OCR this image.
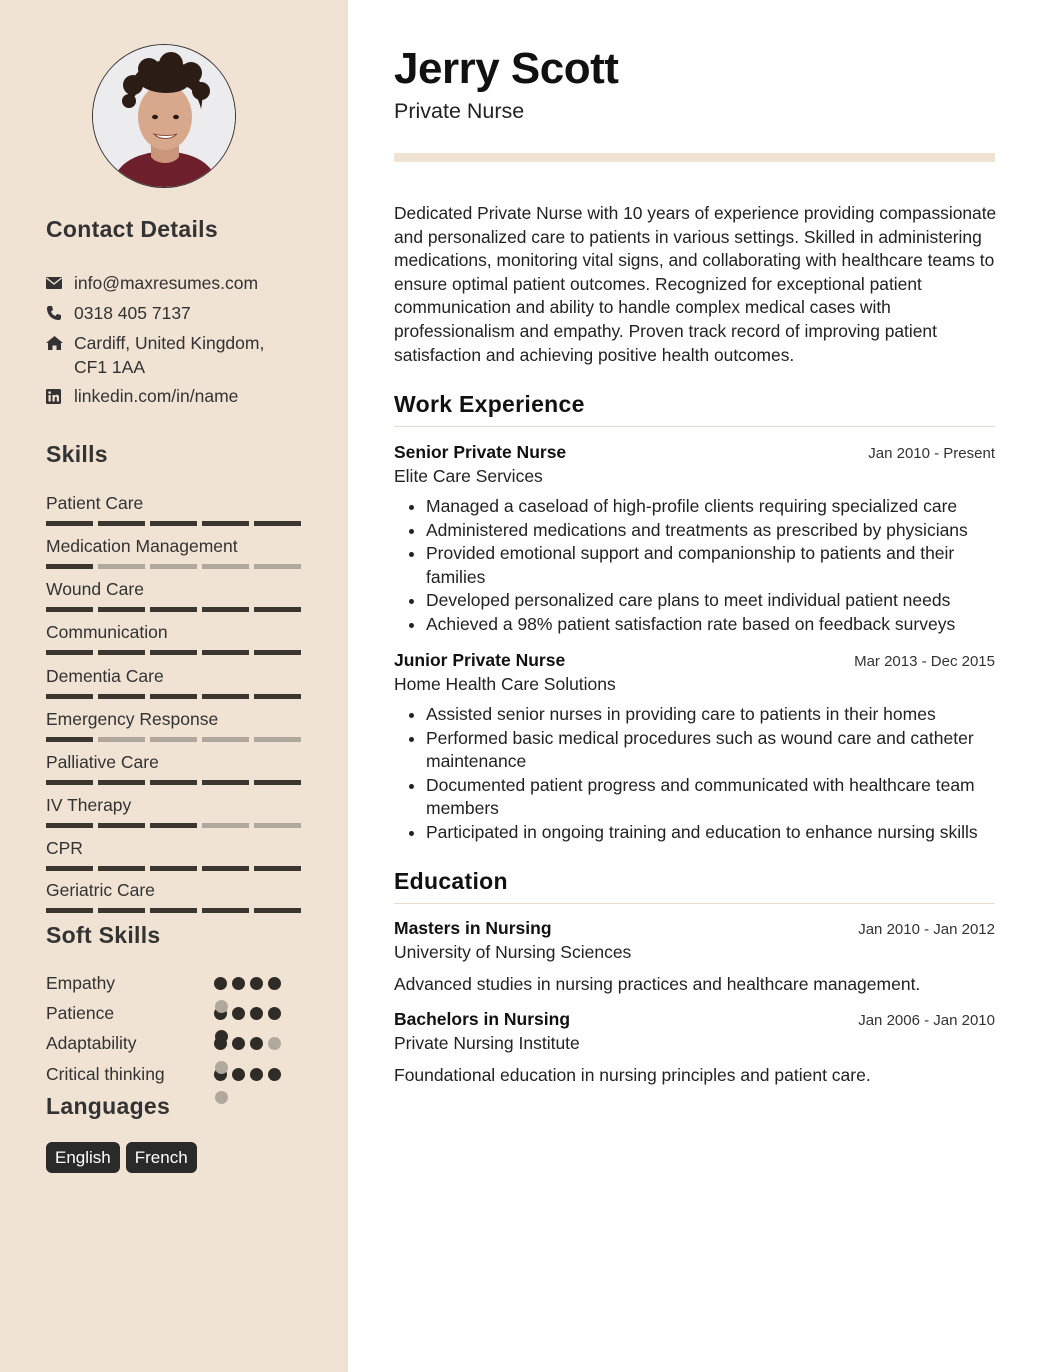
Contact Details
info@maxresumes.com
0318 405 7137
Cardiff, United Kingdom,
CF1 1AA
linkedin.com/in/name
Skills
Patient Care
Medication Management
Wound Care
Communication
Dementia Care
Emergency Response
Palliative Care
IV Therapy
CPR
Geriatric Care
Soft Skills
Empathy
Patience
Adaptability
Critical thinking
Languages
English	French
Jerry Scott
Private Nurse
Dedicated Private Nurse with 10 years of experience providing compassionate and personalized care to patients in various settings. Skilled in administering medications, monitoring vital signs, and collaborating with healthcare teams to ensure optimal patient outcomes. Recognized for exceptional patient communication and ability to handle complex medical cases with professionalism and empathy. Proven track record of improving patient satisfaction and achieving positive health outcomes.
Work Experience
Senior Private Nurse	Jan 2010 - Present
Elite Care Services
• Managed a caseload of high-profile clients requiring specialized care
• Administered medications and treatments as prescribed by physicians
• Provided emotional support and companionship to patients and their families
• Developed personalized care plans to meet individual patient needs
• Achieved a 98% patient satisfaction rate based on feedback surveys
Junior Private Nurse	Mar 2013 - Dec 2015
Home Health Care Solutions
• Assisted senior nurses in providing care to patients in their homes
• Performed basic medical procedures such as wound care and catheter maintenance
• Documented patient progress and communicated with healthcare team members
• Participated in ongoing training and education to enhance nursing skills
Education
Masters in Nursing	Jan 2010 - Jan 2012
University of Nursing Sciences
Advanced studies in nursing practices and healthcare management.
Bachelors in Nursing	Jan 2006 - Jan 2010
Private Nursing Institute
Foundational education in nursing principles and patient care.
